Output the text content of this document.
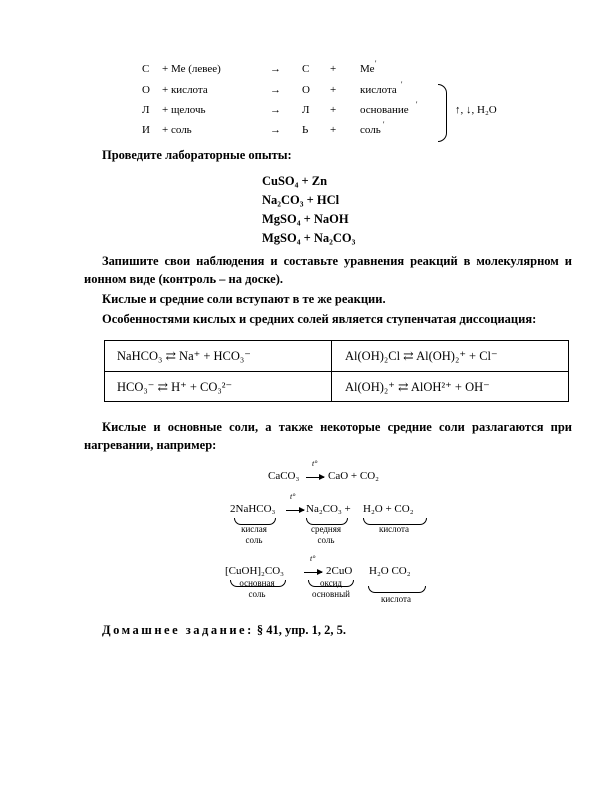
С + Ме (левее)	→ С + Ме '
О + кислота	→ О + кислота '
Л + щелочь	→ Л + основание '
И + соль	→ Ь + соль '
↑, ↓, H₂O
Проведите лабораторные опыты:
CuSO₄ + Zn
Na₂CO₃ + HCl
MgSO₄ + NaOH
MgSO₄ + Na₂CO₃
Запишите свои наблюдения и составьте уравнения реакций в молекулярном и ионном виде (контроль – на доске).
Кислые и средние соли вступают в те же реакции.
Особенностями кислых и средних солей является ступенчатая диссоциация:
NaHCO₃ ⇄ Na⁺ + HCO₃⁻	Al(OH)₂Cl ⇄ Al(OH)₂⁺ + Cl⁻
HCO₃⁻ ⇄ H⁺ + CO₃²⁻	Al(OH)₂⁺ ⇄ AlOH²⁺ + OH⁻
Кислые и основные соли, а также некоторые средние соли разлагаются при нагревании, например:
CaCO₃
t°
CaO + CO₂
2NaHCO₃
t°
Na₂CO₃ + H₂O + CO₂
кислая соль
средняя соль
кислота
[CuOH]₂CO₃
t°
2CuO H₂O CO₂
основная соль
оксид основный	кислота
Домашнее задание: § 41, упр. 1, 2, 5.
